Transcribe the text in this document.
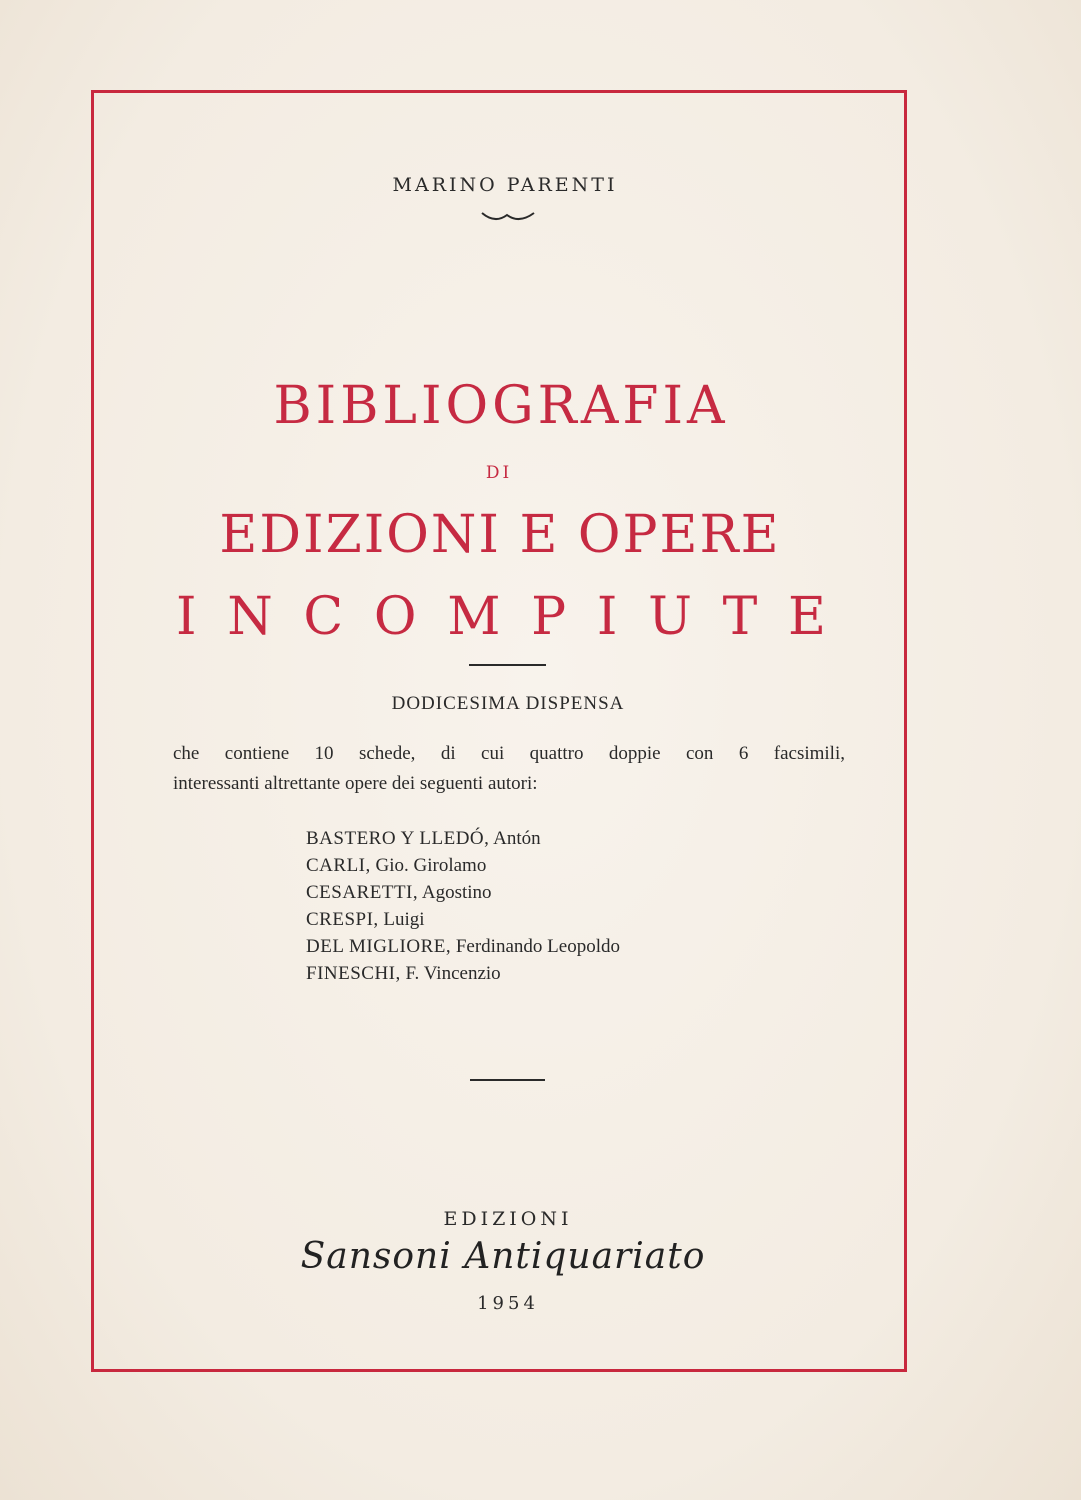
MARINO PARENTI
BIBLIOGRAFIA
DI
EDIZIONI E OPERE
I N C O M P I U T E
DODICESIMA DISPENSA
che contiene 10 schede, di cui quattro doppie con 6 facsimili,
interessanti altrettante opere dei seguenti autori:
BASTERO Y LLEDÓ, Antón
CARLI, Gio. Girolamo
CESARETTI, Agostino
CRESPI, Luigi
DEL MIGLIORE, Ferdinando Leopoldo
FINESCHI, F. Vincenzio
EDIZIONI
Sansoni Antiquariato
1954
